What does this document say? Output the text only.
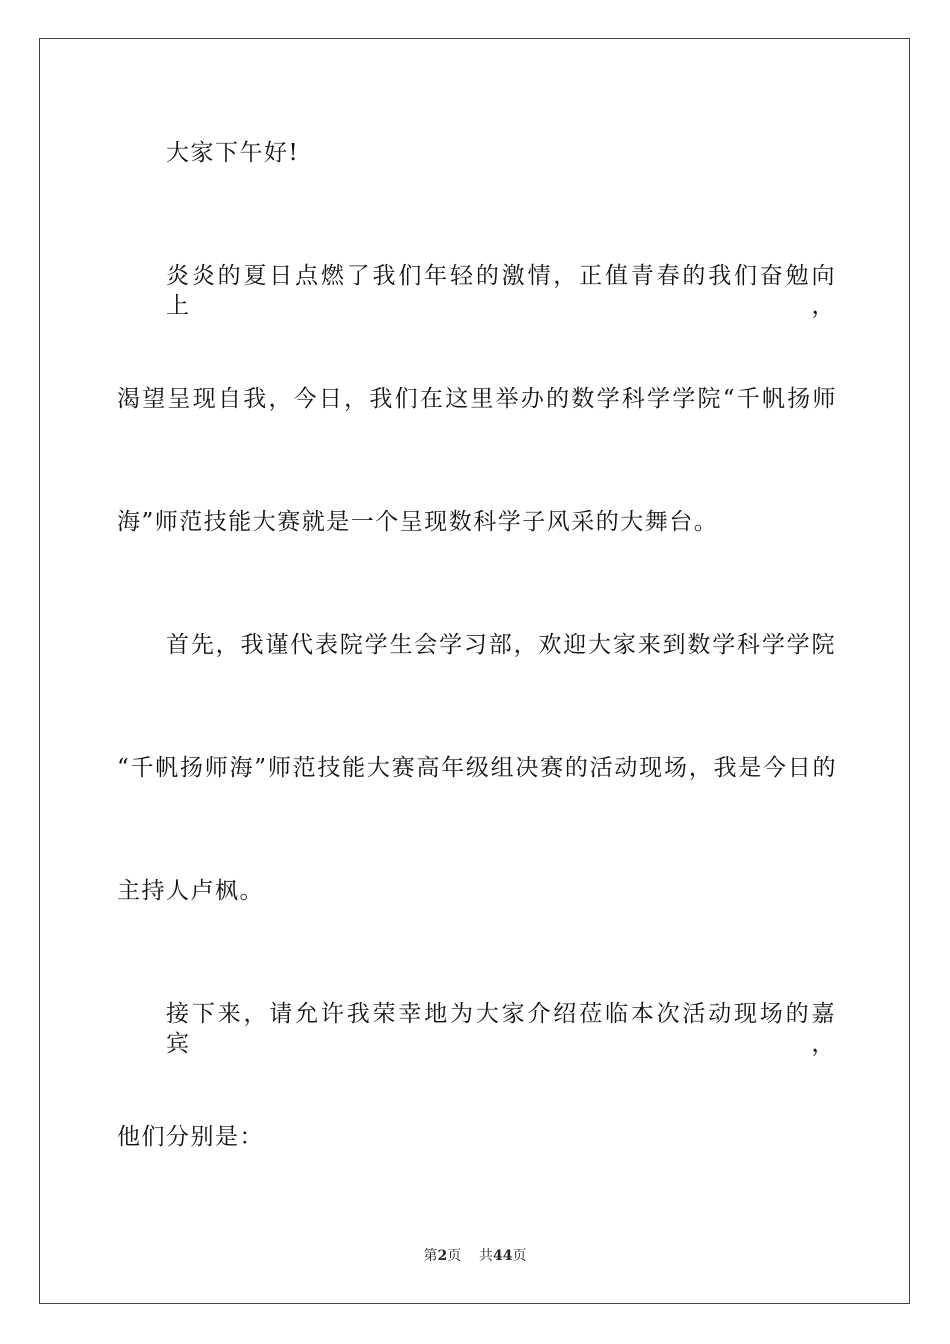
大家下午好!
炎炎的夏日点燃了我们年轻的激情，正值青春的我们奋勉向上，
渴望呈现自我，今日，我们在这里举办的数学科学学院“千帆扬师
海”师范技能大赛就是一个呈现数科学子风采的大舞台。
首先，我谨代表院学生会学习部，欢迎大家来到数学科学学院
“千帆扬师海”师范技能大赛高年级组决赛的活动现场，我是今日的
主持人卢枫。
接下来，请允许我荣幸地为大家介绍莅临本次活动现场的嘉宾，
他们分别是：
第2页 共44页
